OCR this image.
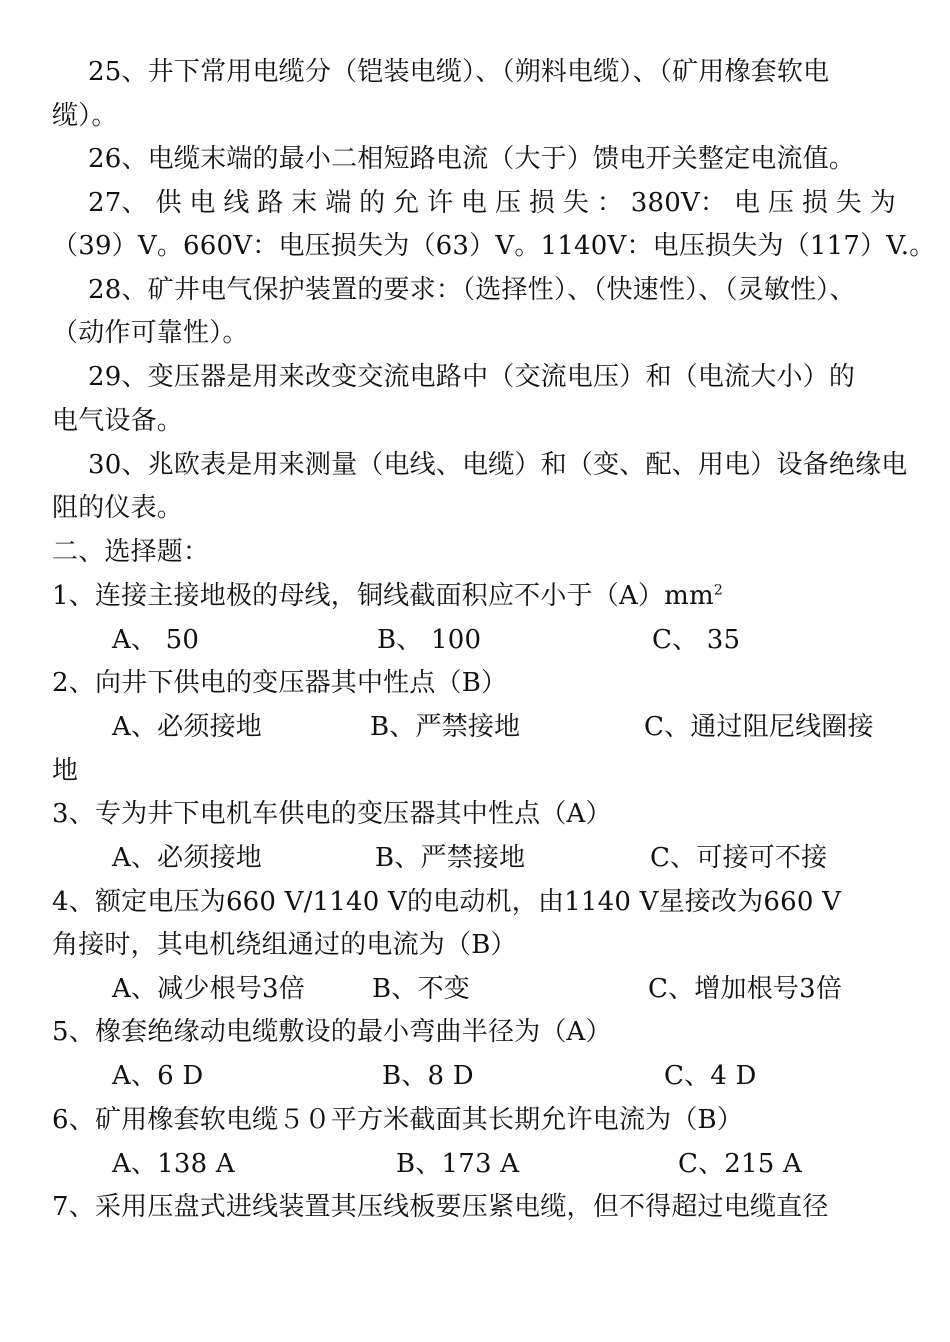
25、井下常用电缆分（铠装电缆）、（朔料电缆）、（矿用橡套软电
缆）。
26、电缆末端的最小二相短路电流（大于）馈电开关整定电流值。
27、 供 电 线 路 末 端 的 允 许 电 压 损 失 ： 380V： 电 压 损 失 为
（39）V。660V：电压损失为（63）V。1140V：电压损失为（117）V.。
28、矿井电气保护装置的要求：（选择性）、（快速性）、（灵敏性）、
（动作可靠性）。
29、变压器是用来改变交流电路中（交流电压）和（电流大小）的
电气设备。
30、兆欧表是用来测量（电线、电缆）和（变、配、用电）设备绝缘电
阻的仪表。
二、选择题：
1、连接主接地极的母线，铜线截面积应不小于$(A)mm^2$
A、 50	B、 100	C、 35
2、向井下供电的变压器其中性点（B）
A、必须接地	B、严禁接地	C、通过阻尼线圈接
地
3、专为井下电机车供电的变压器其中性点（A）
A、必须接地	B、严禁接地	C、可接可不接
4、额定电压为660 V/1140 V的电动机，由1140 V星接改为660 V
角接时，其电机绕组通过的电流为（B）
A、减少根号3倍	B、不变	C、增加根号3倍
5、橡套绝缘动电缆敷设的最小弯曲半径为（A）
A、6 D	B、8 D	C、4 D
6、矿用橡套软电缆５０平方米截面其长期允许电流为（B）
A、138 A	B、173 A	C、215 A
7、采用压盘式进线装置其压线板要压紧电缆，但不得超过电缆直径
